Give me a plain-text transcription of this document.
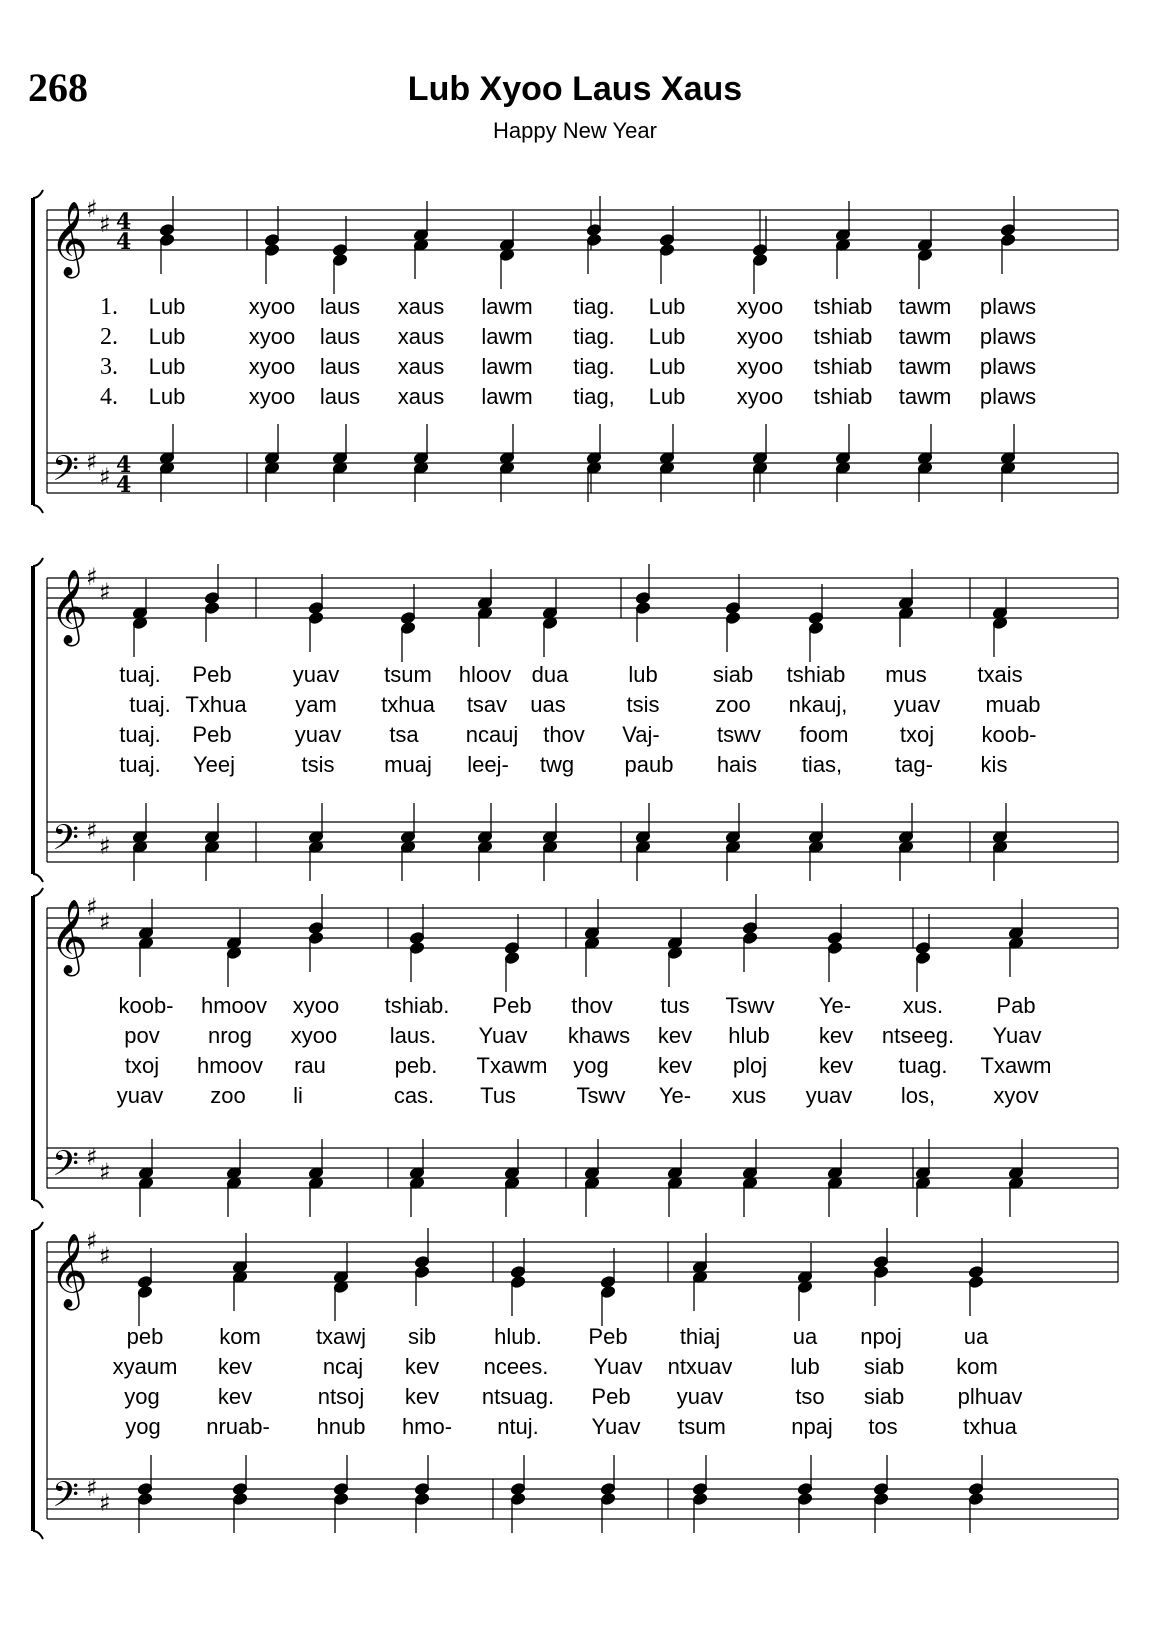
268	Lub Xyoo Laus Xaus
Happy New Year
𝄞
𝄢
♯
♯
♯
♯
4
4
4
4
𝄞
𝄢
♯
♯
♯
♯
𝄞
𝄢
♯
♯
♯
♯
𝄞
𝄢
♯
♯
♯
♯
Lub	xyoo laus xaus lawm tiag. Lub xyoo tshiab tawm plaws
Lub	xyoo laus xaus lawm tiag. Lub xyoo tshiab tawm plaws
Lub	xyoo laus xaus lawm tiag. Lub xyoo tshiab tawm plaws
Lub	xyoo laus xaus lawm tiag, Lub xyoo tshiab tawm plaws
1.
2.
3.
4.
tuaj. Peb	yuav tsum hloov dua	lub	siab tshiab mus txais
tuaj. Txhua yam txhua tsav uas	tsis	zoo nkauj, yuav muab
tuaj. Peb	yuav tsa ncauj thov Vaj-	tswv foom txoj koob-
tuaj. Yeej	tsis muaj leej- twg paub hais tias, tag- kis
koob- hmoov xyoo tshiab. Peb thov tus Tswv Ye- xus. Pab
pov nrog xyoo laus. Yuav khaws kev hlub kev ntseeg. Yuav
txoj hmoov rau	peb. Txawm yog kev ploj kev tuag. Txawm
yuav zoo li	cas. Tus	Tswv Ye- xus yuav los,	xyov
peb	kom	txawj sib	hlub. Peb thiaj	ua npoj	ua
xyaum kev	ncaj kev ncees. Yuav ntxuav	lub siab kom
yog	kev	ntsoj kev ntsuag. Peb yuav	tso siab plhuav
yog nruab- hnub hmo- ntuj. Yuav tsum	npaj tos	txhua
